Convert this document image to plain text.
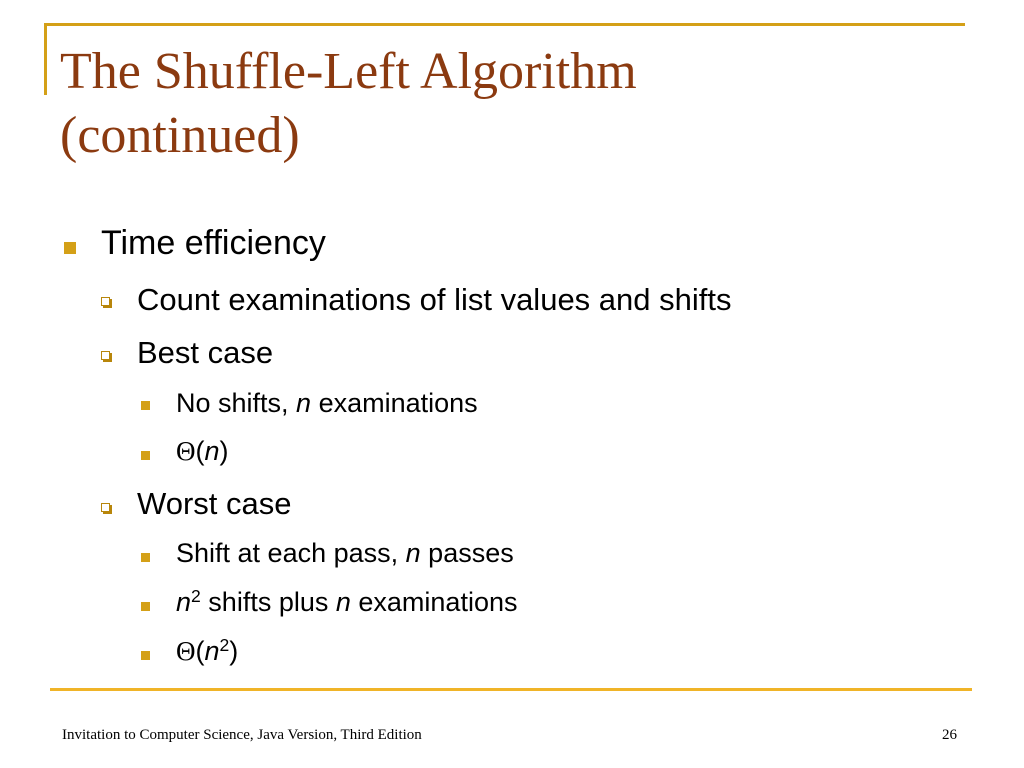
The Shuffle-Left Algorithm
(continued)
Time efficiency
Count examinations of list values and shifts
Best case
No shifts, n examinations
Θ(n)
Worst case
Shift at each pass, n passes
$n^2$ shifts plus n examinations
$\Theta(n^2)$
Invitation to Computer Science, Java Version, Third Edition	26
